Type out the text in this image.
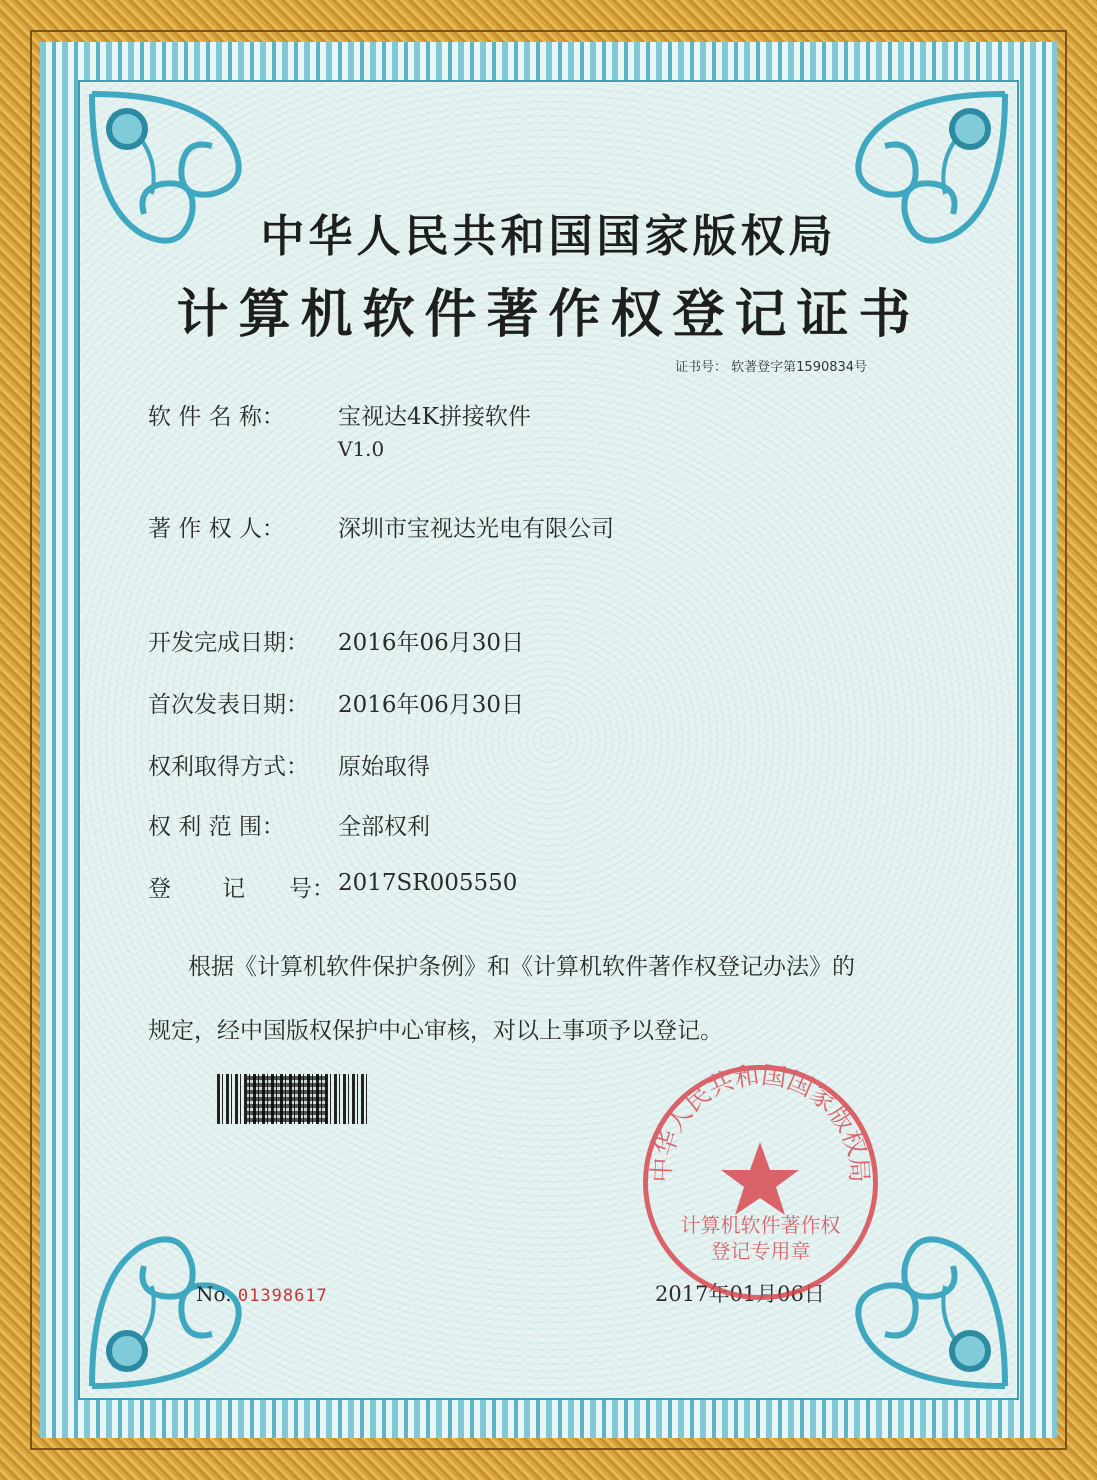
中华人民共和国国家版权局
计算机软件著作权登记证书
证书号： 软著登字第1590834号
软 件 名 称： 宝视达4K拼接软件
V1.0
著 作 权 人： 深圳市宝视达光电有限公司
开发完成日期： 2016年06月30日
首次发表日期： 2016年06月30日
权利取得方式： 原始取得
权 利 范 围： 全部权利
登       记      号： 2017SR005550
根据《计算机软件保护条例》和《计算机软件著作权登记办法》的
规定，经中国版权保护中心审核，对以上事项予以登记。
No. 01398617	2017年01月06日
中华人民共和国国家版权局
计算机软件著作权
登记专用章
